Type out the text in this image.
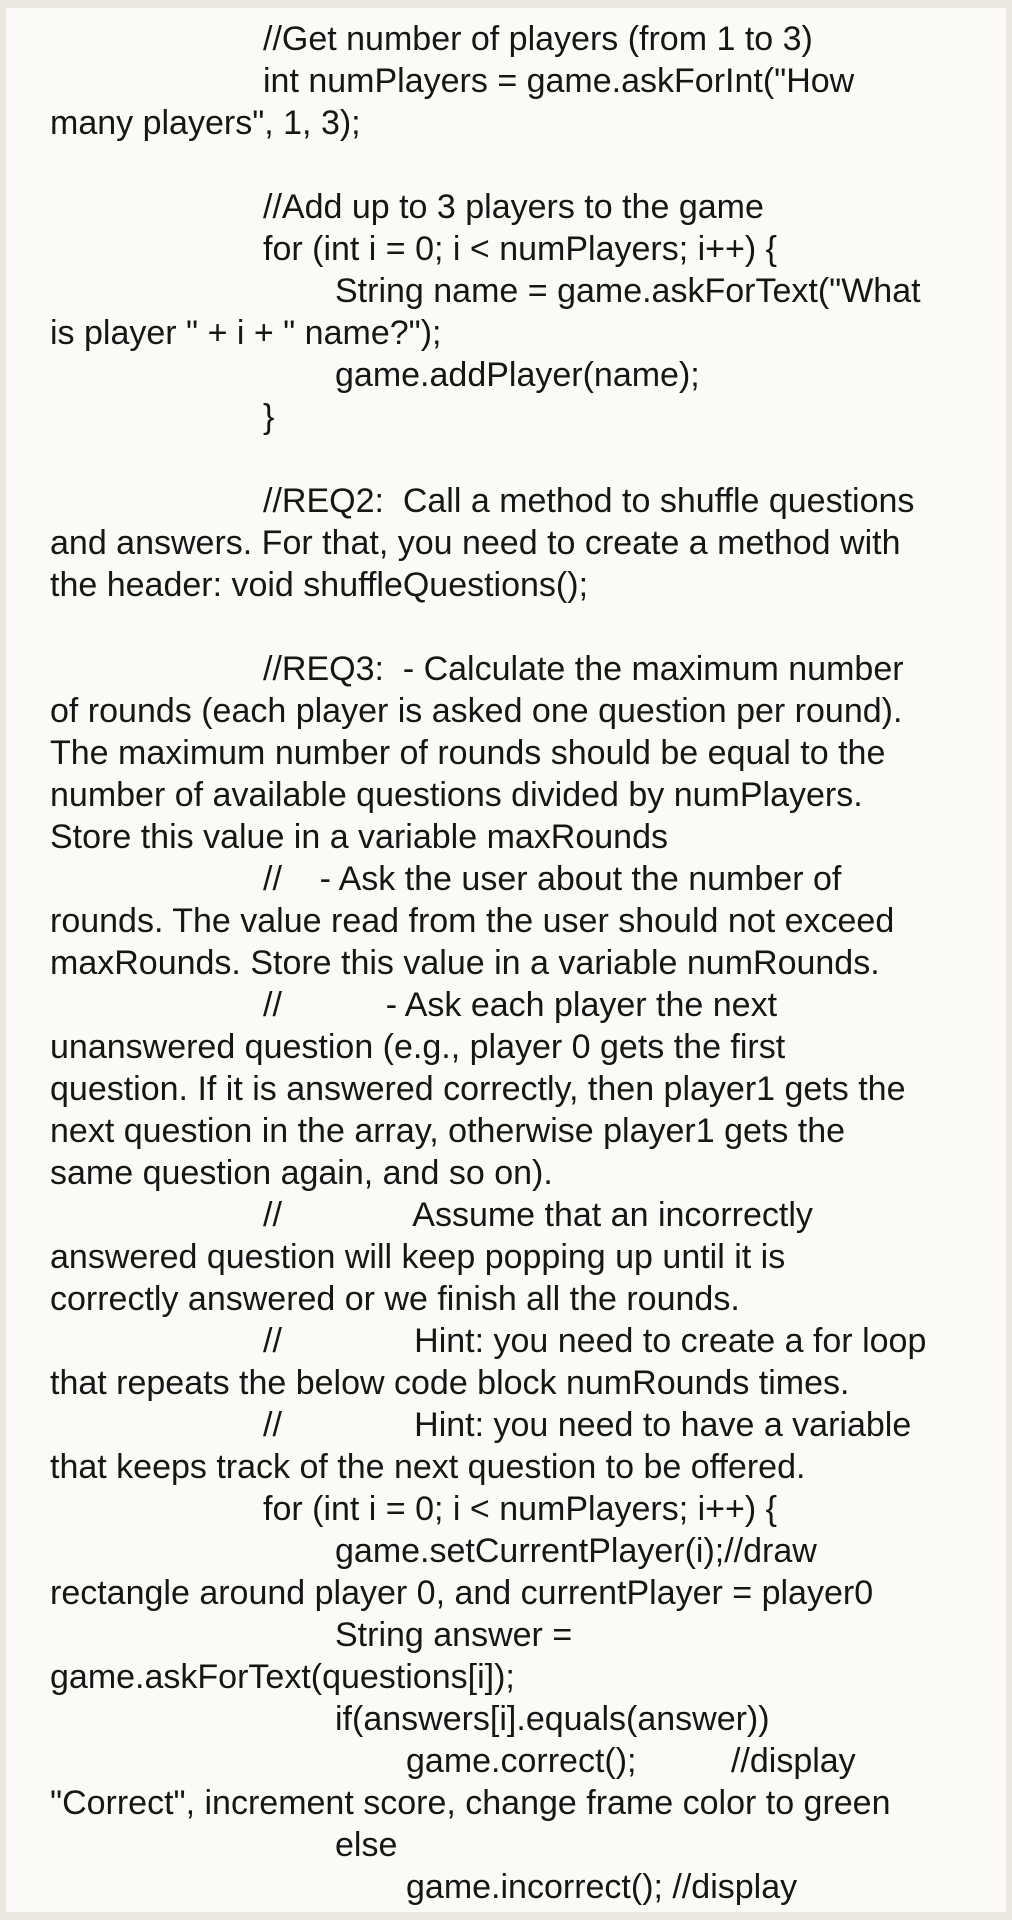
//Get number of players (from 1 to 3)
int numPlayers = game.askForInt("How
many players", 1, 3);
//Add up to 3 players to the game
for (int i = 0; i < numPlayers; i++) {
String name = game.askForText("What
is player " + i + " name?");
game.addPlayer(name);
}
//REQ2:  Call a method to shuffle questions
and answers. For that, you need to create a method with
the header: void shuffleQuestions();
//REQ3:  - Calculate the maximum number
of rounds (each player is asked one question per round).
The maximum number of rounds should be equal to the
number of available questions divided by numPlayers.
Store this value in a variable maxRounds
//    - Ask the user about the number of
rounds. The value read from the user should not exceed
maxRounds. Store this value in a variable numRounds.
//           - Ask each player the next
unanswered question (e.g., player 0 gets the first
question. If it is answered correctly, then player1 gets the
next question in the array, otherwise player1 gets the
same question again, and so on).
//              Assume that an incorrectly
answered question will keep popping up until it is
correctly answered or we finish all the rounds.
//              Hint: you need to create a for loop
that repeats the below code block numRounds times.
//              Hint: you need to have a variable
that keeps track of the next question to be offered.
for (int i = 0; i < numPlayers; i++) {
game.setCurrentPlayer(i);//draw
rectangle around player 0, and currentPlayer = player0
String answer =
game.askForText(questions[i]);
if(answers[i].equals(answer))
game.correct();          //display
"Correct", increment score, change frame color to green
else
game.incorrect(); //display
